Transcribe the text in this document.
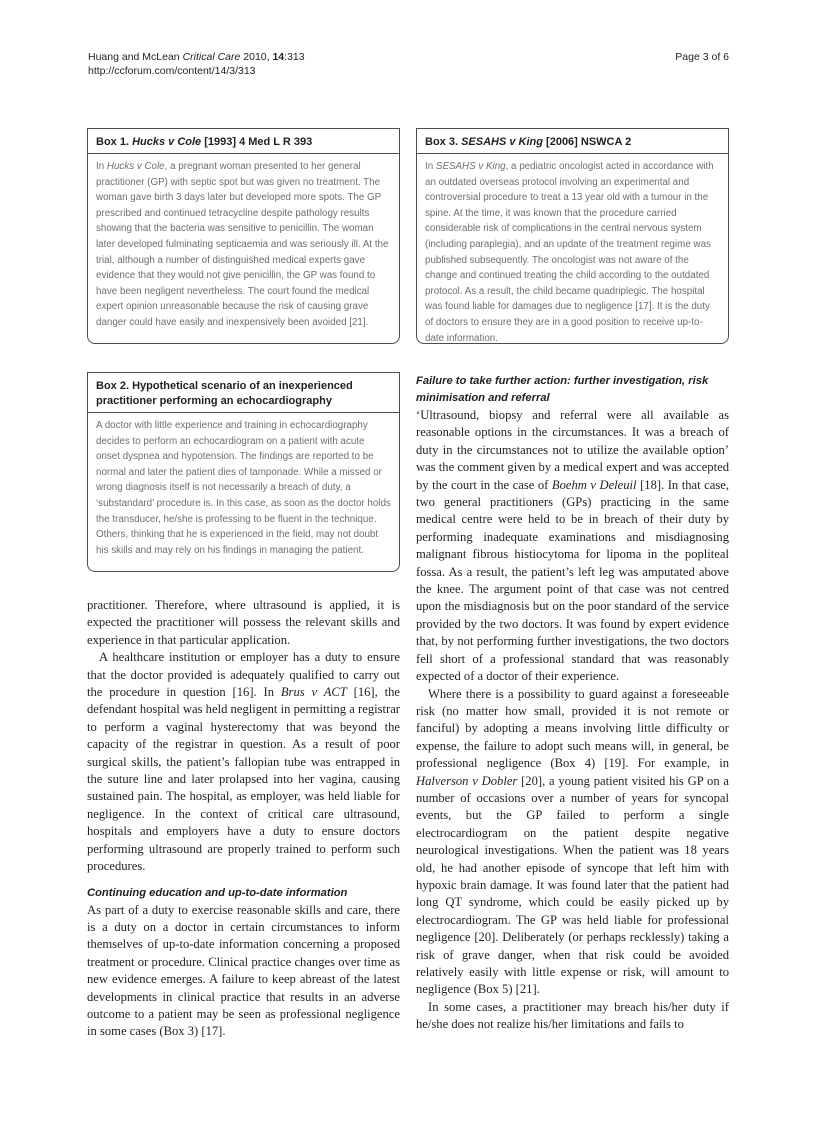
Huang and McLean Critical Care 2010, 14:313
http://ccforum.com/content/14/3/313
Page 3 of 6
Box 1. Hucks v Cole [1993] 4 Med L R 393

In Hucks v Cole, a pregnant woman presented to her general practitioner (GP) with septic spot but was given no treatment. The woman gave birth 3 days later but developed more spots. The GP prescribed and continued tetracycline despite pathology results showing that the bacteria was sensitive to penicillin. The woman later developed fulminating septicaemia and was seriously ill. At the trial, although a number of distinguished medical experts gave evidence that they would not give penicillin, the GP was found to have been negligent nevertheless. The court found the medical expert opinion unreasonable because the risk of causing grave danger could have easily and inexpensively been avoided [21].

Box 2. Hypothetical scenario of an inexperienced practitioner performing an echocardiography

A doctor with little experience and training in echocardiography decides to perform an echocardiogram on a patient with acute onset dyspnea and hypotension. The findings are reported to be normal and later the patient dies of tamponade. While a missed or wrong diagnosis itself is not necessarily a breach of duty, a ‘substandard’ procedure is. In this case, as soon as the doctor holds the transducer, he/she is professing to be fluent in the technique. Others, thinking that he is experienced in the field, may not doubt his skills and may rely on his findings in managing the patient.

Box 3. SESAHS v King [2006] NSWCA 2

In SESAHS v King, a pediatric oncologist acted in accordance with an outdated overseas protocol involving an experimental and controversial procedure to treat a 13 year old with a tumour in the spine. At the time, it was known that the procedure carried considerable risk of complications in the central nervous system (including paraplegia), and an update of the treatment regime was published subsequently. The oncologist was not aware of the change and continued treating the child according to the outdated protocol. As a result, the child became quadriplegic. The hospital was found liable for damages due to negligence [17]. It is the duty of doctors to ensure they are in a good position to receive up-to-date information.

practitioner. Therefore, where ultrasound is applied, it is expected the practitioner will possess the relevant skills and experience in that particular application.

A healthcare institution or employer has a duty to ensure that the doctor provided is adequately qualified to carry out the procedure in question [16]. In Brus v ACT [16], the defendant hospital was held negligent in permitting a registrar to perform a vaginal hysterectomy that was beyond the capacity of the registrar in question. As a result of poor surgical skills, the patient’s fallopian tube was entrapped in the suture line and later prolapsed into her vagina, causing sustained pain. The hospital, as employer, was held liable for negligence. In the context of critical care ultrasound, hospitals and employers have a duty to ensure doctors performing ultrasound are properly trained to perform such procedures.

Continuing education and up-to-date information

As part of a duty to exercise reasonable skills and care, there is a duty on a doctor in certain circumstances to inform themselves of up-to-date information concerning a proposed treatment or procedure. Clinical practice changes over time as new evidence emerges. A failure to keep abreast of the latest developments in clinical practice that results in an adverse outcome to a patient may be seen as professional negligence in some cases (Box 3) [17].

Failure to take further action: further investigation, risk minimisation and referral

‘Ultrasound, biopsy and referral were all available as reasonable options in the circumstances. It was a breach of duty in the circumstances not to utilize the available option’ was the comment given by a medical expert and was accepted by the court in the case of Boehm v Deleuil [18]. In that case, two general practitioners (GPs) practicing in the same medical centre were held to be in breach of their duty by performing inadequate examinations and misdiagnosing malignant fibrous histiocytoma for lipoma in the popliteal fossa. As a result, the patient’s left leg was amputated above the knee. The argument point of that case was not centred upon the misdiagnosis but on the poor standard of the service provided by the two doctors. It was found by expert evidence that, by not performing further investigations, the two doctors fell short of a professional standard that was reasonably expected of a doctor of their experience.

Where there is a possibility to guard against a foreseeable risk (no matter how small, provided it is not remote or fanciful) by adopting a means involving little difficulty or expense, the failure to adopt such means will, in general, be professional negligence (Box 4) [19]. For example, in Halverson v Dobler [20], a young patient visited his GP on a number of occasions over a number of years for syncopal events, but the GP failed to perform a single electrocardiogram on the patient despite negative neurological investigations. When the patient was 18 years old, he had another episode of syncope that left him with hypoxic brain damage. It was found later that the patient had long QT syndrome, which could be easily picked up by electrocardiogram. The GP was held liable for professional negligence [20]. Deliberately (or perhaps recklessly) taking a risk of grave danger, when that risk could be avoided relatively easily with little expense or risk, will amount to negligence (Box 5) [21].

In some cases, a practitioner may breach his/her duty if he/she does not realize his/her limitations and fails to
